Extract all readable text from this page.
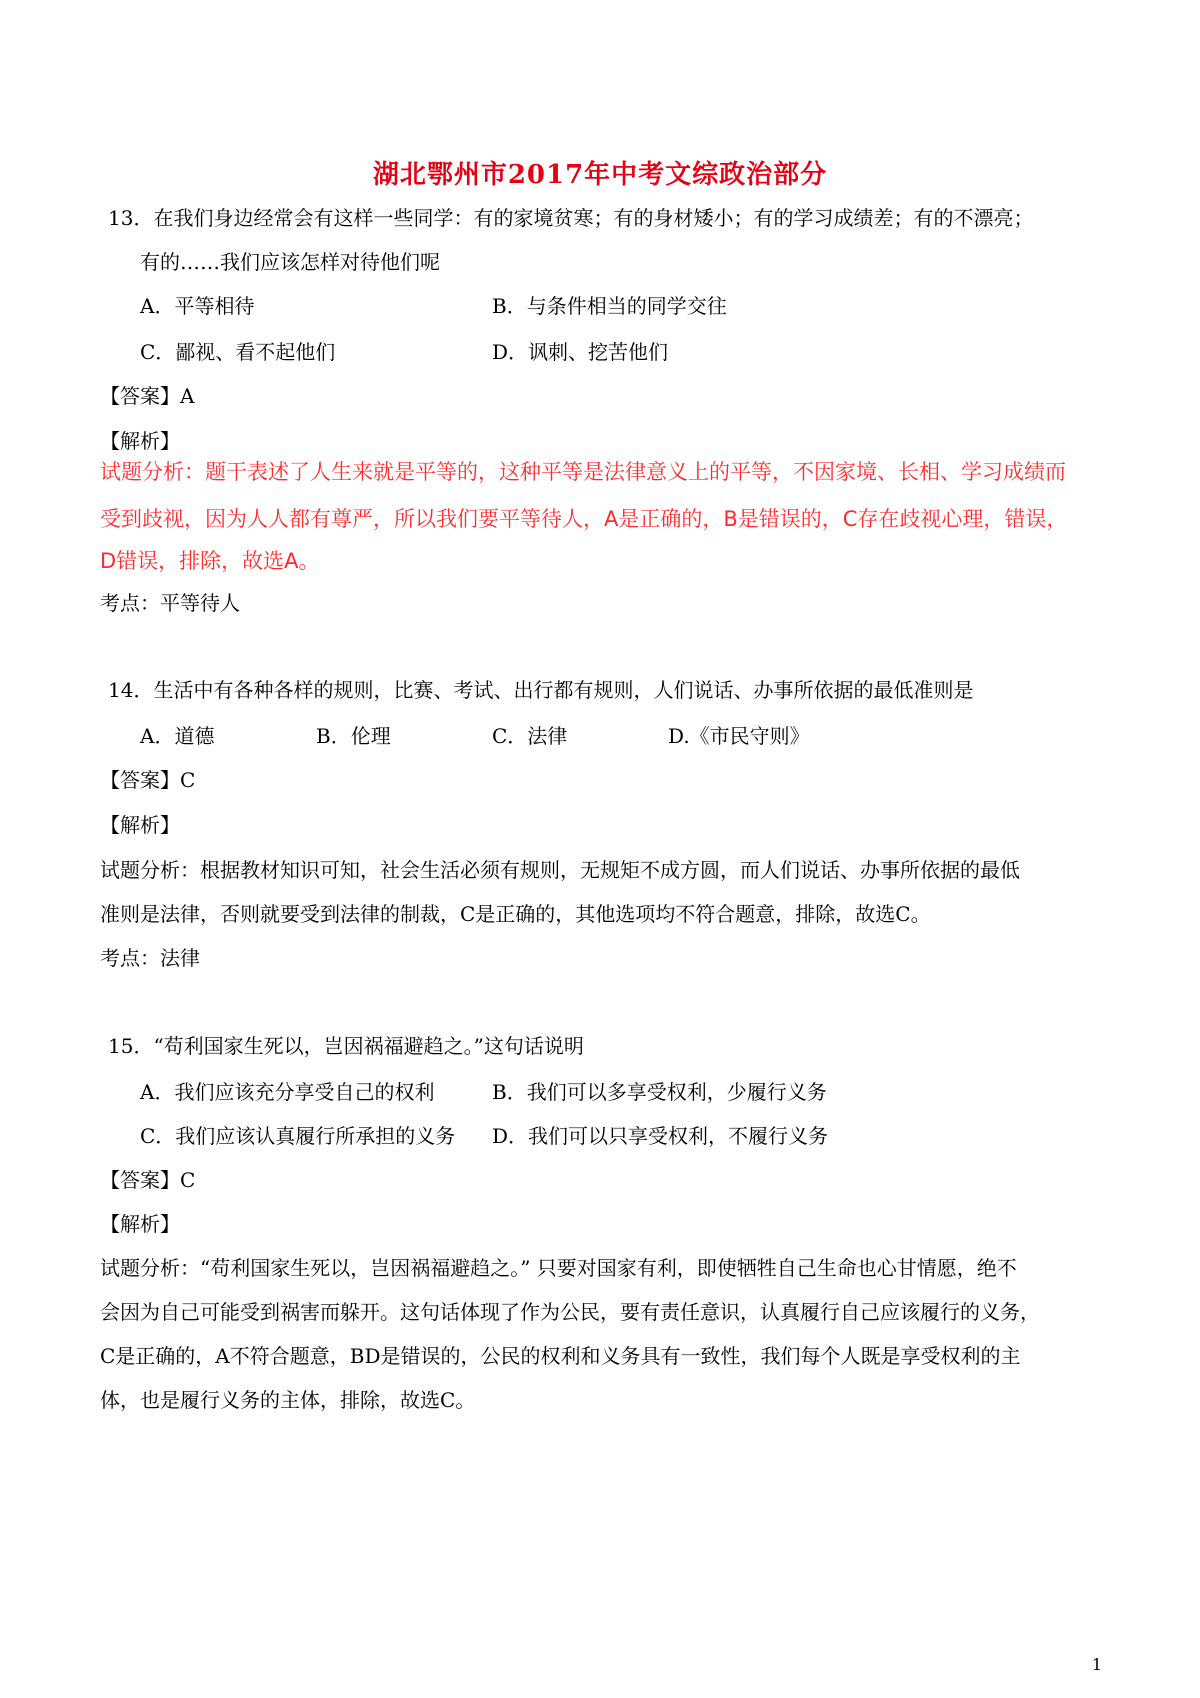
湖北鄂州市2017年中考文综政治部分
13．在我们身边经常会有这样一些同学：有的家境贫寒；有的身材矮小；有的学习成绩差；有的不漂亮；
有的……我们应该怎样对待他们呢
A．平等相待	B．与条件相当的同学交往
C．鄙视、看不起他们	D．讽刺、挖苦他们
【答案】A
【解析】
试题分析：题干表述了人生来就是平等的，这种平等是法律意义上的平等，不因家境、长相、学习成绩而
受到歧视，因为人人都有尊严，所以我们要平等待人，A是正确的，B是错误的，C存在歧视心理，错误，
D错误，排除，故选A。
考点：平等待人
14．生活中有各种各样的规则，比赛、考试、出行都有规则，人们说话、办事所依据的最低准则是
A．道德	B．伦理	C．法律	D.《市民守则》
【答案】C
【解析】
试题分析：根据教材知识可知，社会生活必须有规则，无规矩不成方圆，而人们说话、办事所依据的最低
准则是法律，否则就要受到法律的制裁，C是正确的，其他选项均不符合题意，排除，故选C。
考点：法律
15．“苟利国家生死以，岂因祸福避趋之。”这句话说明
A．我们应该充分享受自己的权利	B．我们可以多享受权利，少履行义务
C．我们应该认真履行所承担的义务 D．我们可以只享受权利，不履行义务
【答案】C
【解析】
试题分析：“苟利国家生死以，岂因祸福避趋之。” 只要对国家有利，即使牺牲自己生命也心甘情愿，绝不
会因为自己可能受到祸害而躲开。这句话体现了作为公民，要有责任意识，认真履行自己应该履行的义务，
C是正确的，A不符合题意，BD是错误的，公民的权利和义务具有一致性，我们每个人既是享受权利的主
体，也是履行义务的主体，排除，故选C。
1
